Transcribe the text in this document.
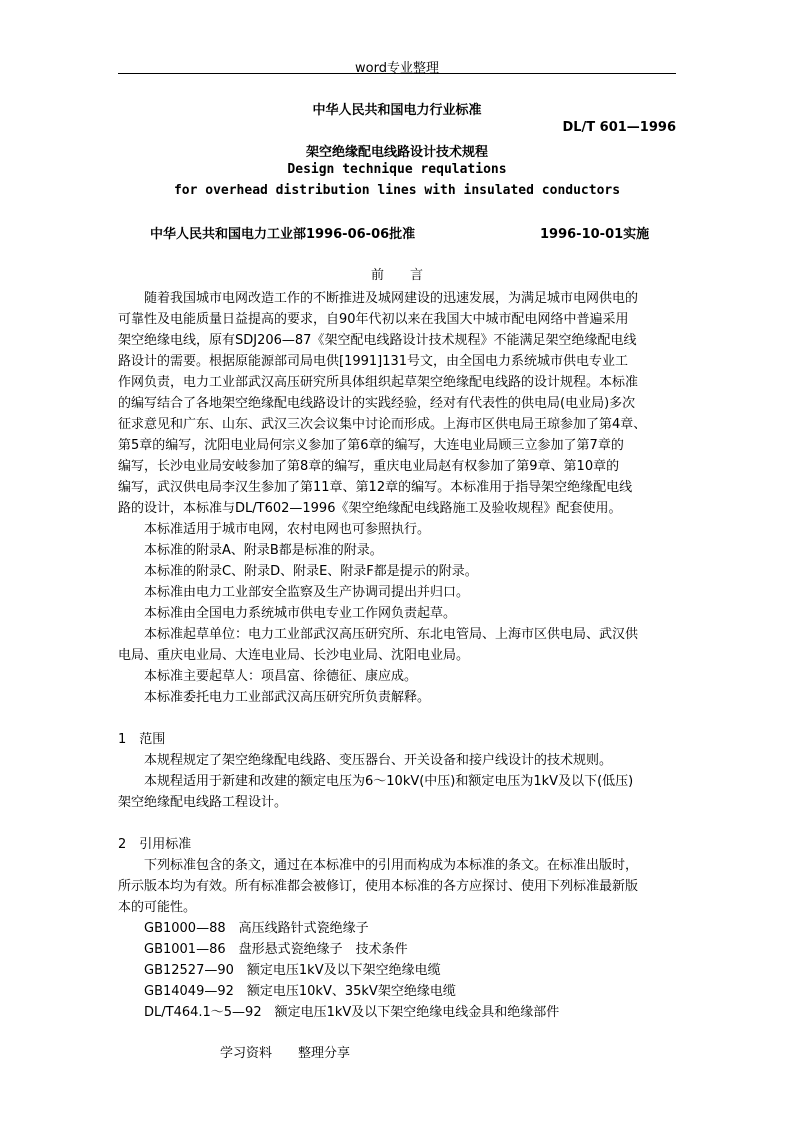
word专业整理
中华人民共和国电力行业标准
DL/T 601—1996
架空绝缘配电线路设计技术规程
Design technique requlations
for overhead distribution lines with insulated conductors
中华人民共和国电力工业部1996-06-06批准	1996-10-01实施
前　　言
　　随着我国城市电网改造工作的不断推进及城网建设的迅速发展，为满足城市电网供电的
可靠性及电能质量日益提高的要求，自90年代初以来在我国大中城市配电网络中普遍采用
架空绝缘电线，原有SDJ206—87《架空配电线路设计技术规程》不能满足架空绝缘配电线
路设计的需要。根据原能源部司局电供[1991]131号文，由全国电力系统城市供电专业工
作网负责，电力工业部武汉高压研究所具体组织起草架空绝缘配电线路的设计规程。本标准
的编写结合了各地架空绝缘配电线路设计的实践经验，经对有代表性的供电局(电业局)多次
征求意见和广东、山东、武汉三次会议集中讨论而形成。上海市区供电局王琼参加了第4章、
第5章的编写，沈阳电业局何宗义参加了第6章的编写，大连电业局顾三立参加了第7章的
编写，长沙电业局安岐参加了第8章的编写，重庆电业局赵有权参加了第9章、第10章的
编写，武汉供电局李汉生参加了第11章、第12章的编写。本标准用于指导架空绝缘配电线
路的设计，本标准与DL/T602—1996《架空绝缘配电线路施工及验收规程》配套使用。
　　本标准适用于城市电网，农村电网也可参照执行。
　　本标准的附录A、附录B都是标准的附录。
　　本标准的附录C、附录D、附录E、附录F都是提示的附录。
　　本标准由电力工业部安全监察及生产协调司提出并归口。
　　本标准由全国电力系统城市供电专业工作网负责起草。
　　本标准起草单位：电力工业部武汉高压研究所、东北电管局、上海市区供电局、武汉供
电局、重庆电业局、大连电业局、长沙电业局、沈阳电业局。
　　本标准主要起草人：项昌富、徐德征、康应成。
　　本标准委托电力工业部武汉高压研究所负责解释。
1　范围
　　本规程规定了架空绝缘配电线路、变压器台、开关设备和接户线设计的技术规则。
　　本规程适用于新建和改建的额定电压为6～10kV(中压)和额定电压为1kV及以下(低压)
架空绝缘配电线路工程设计。
2　引用标准
　　下列标准包含的条文，通过在本标准中的引用而构成为本标准的条文。在标准出版时，
所示版本均为有效。所有标准都会被修订，使用本标准的各方应探讨、使用下列标准最新版
本的可能性。
　　GB1000—88　高压线路针式瓷绝缘子
　　GB1001—86　盘形悬式瓷绝缘子　技术条件
　　GB12527—90　额定电压1kV及以下架空绝缘电缆
　　GB14049—92　额定电压10kV、35kV架空绝缘电缆
　　DL/T464.1～5—92　额定电压1kV及以下架空绝缘电线金具和绝缘部件
学习资料　　整理分享
